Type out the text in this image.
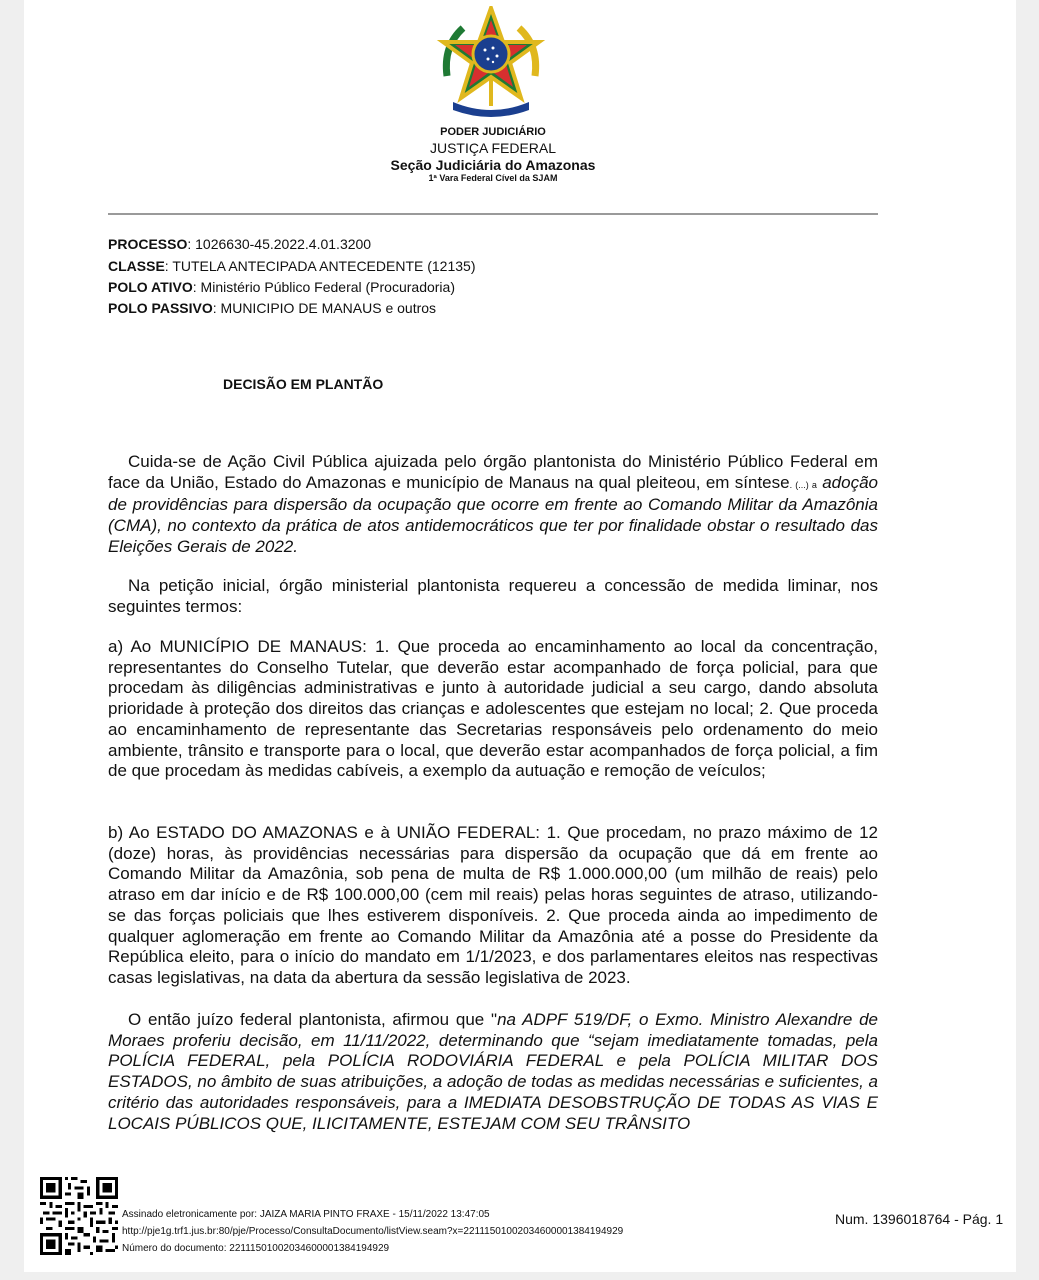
PODER JUDICIÁRIO
JUSTIÇA FEDERAL
Seção Judiciária do Amazonas
1ª Vara Federal Cível da SJAM
PROCESSO: 1026630-45.2022.4.01.3200
CLASSE: TUTELA ANTECIPADA ANTECEDENTE (12135)
POLO ATIVO: Ministério Público Federal (Procuradoria)
POLO PASSIVO: MUNICIPIO DE MANAUS e outros
DECISÃO EM PLANTÃO
Cuida-se de Ação Civil Pública ajuizada pelo órgão plantonista do Ministério Público Federal em face da União, Estado do Amazonas e município de Manaus na qual pleiteou, em síntese. (...) a adoção de providências para dispersão da ocupação que ocorre em frente ao Comando Militar da Amazônia (CMA), no contexto da prática de atos antidemocráticos que ter por finalidade obstar o resultado das Eleições Gerais de 2022.
Na petição inicial, órgão ministerial plantonista requereu a concessão de medida liminar, nos seguintes termos:
a) Ao MUNICÍPIO DE MANAUS: 1. Que proceda ao encaminhamento ao local da concentração, representantes do Conselho Tutelar, que deverão estar acompanhado de força policial, para que procedam às diligências administrativas e junto à autoridade judicial a seu cargo, dando absoluta prioridade à proteção dos direitos das crianças e adolescentes que estejam no local; 2. Que proceda ao encaminhamento de representante das Secretarias responsáveis pelo ordenamento do meio ambiente, trânsito e transporte para o local, que deverão estar acompanhados de força policial, a fim de que procedam às medidas cabíveis, a exemplo da autuação e remoção de veículos;
b) Ao ESTADO DO AMAZONAS e à UNIÃO FEDERAL: 1. Que procedam, no prazo máximo de 12 (doze) horas, às providências necessárias para dispersão da ocupação que dá em frente ao Comando Militar da Amazônia, sob pena de multa de R$ 1.000.000,00 (um milhão de reais) pelo atraso em dar início e de R$ 100.000,00 (cem mil reais) pelas horas seguintes de atraso, utilizando-se das forças policiais que lhes estiverem disponíveis. 2. Que proceda ainda ao impedimento de qualquer aglomeração em frente ao Comando Militar da Amazônia até a posse do Presidente da República eleito, para o início do mandato em 1/1/2023, e dos parlamentares eleitos nas respectivas casas legislativas, na data da abertura da sessão legislativa de 2023.
O então juízo federal plantonista, afirmou que "na ADPF 519/DF, o Exmo. Ministro Alexandre de Moraes proferiu decisão, em 11/11/2022, determinando que “sejam imediatamente tomadas, pela POLÍCIA FEDERAL, pela POLÍCIA RODOVIÁRIA FEDERAL e pela POLÍCIA MILITAR DOS ESTADOS, no âmbito de suas atribuições, a adoção de todas as medidas necessárias e suficientes, a critério das autoridades responsáveis, para a IMEDIATA DESOBSTRUÇÃO DE TODAS AS VIAS E LOCAIS PÚBLICOS QUE, ILICITAMENTE, ESTEJAM COM SEU TRÂNSITO
Assinado eletronicamente por: JAIZA MARIA PINTO FRAXE - 15/11/2022 13:47:05
http://pje1g.trf1.jus.br:80/pje/Processo/ConsultaDocumento/listView.seam?x=22111501002034600001384194929
Número do documento: 22111501002034600001384194929
Num. 1396018764 - Pág. 1
